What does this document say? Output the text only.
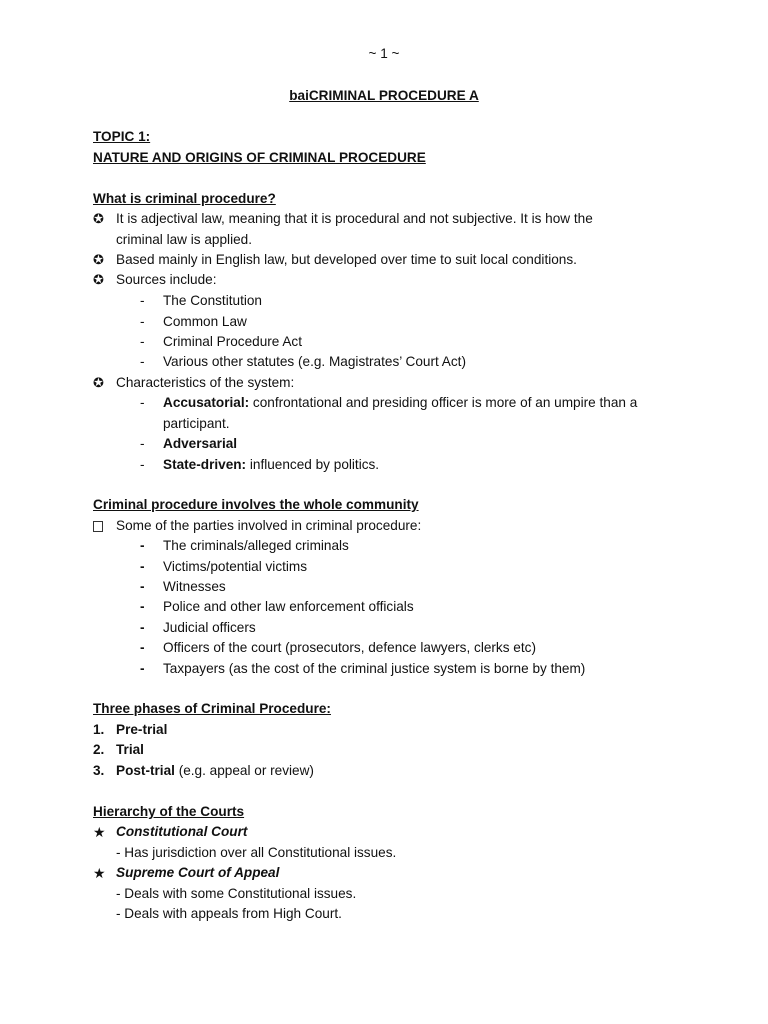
~ 1 ~
baiCRIMINAL PROCEDURE A
TOPIC 1:
NATURE AND ORIGINS OF CRIMINAL PROCEDURE
What is criminal procedure?
✪ It is adjectival law, meaning that it is procedural and not subjective. It is how the
criminal law is applied.
✪ Based mainly in English law, but developed over time to suit local conditions.
✪ Sources include:
- The Constitution
- Common Law
- Criminal Procedure Act
- Various other statutes (e.g. Magistrates’ Court Act)
✪ Characteristics of the system:
- Accusatorial: confrontational and presiding officer is more of an umpire than a
participant.
- Adversarial
- State-driven: influenced by politics.
Criminal procedure involves the whole community
Some of the parties involved in criminal procedure:
- The criminals/alleged criminals
- Victims/potential victims
- Witnesses
- Police and other law enforcement officials
- Judicial officers
- Officers of the court (prosecutors, defence lawyers, clerks etc)
- Taxpayers (as the cost of the criminal justice system is borne by them)
Three phases of Criminal Procedure:
1. Pre-trial
2. Trial
3. Post-trial (e.g. appeal or review)
Hierarchy of the Courts
★ Constitutional Court
- Has jurisdiction over all Constitutional issues.
★ Supreme Court of Appeal
- Deals with some Constitutional issues.
- Deals with appeals from High Court.
